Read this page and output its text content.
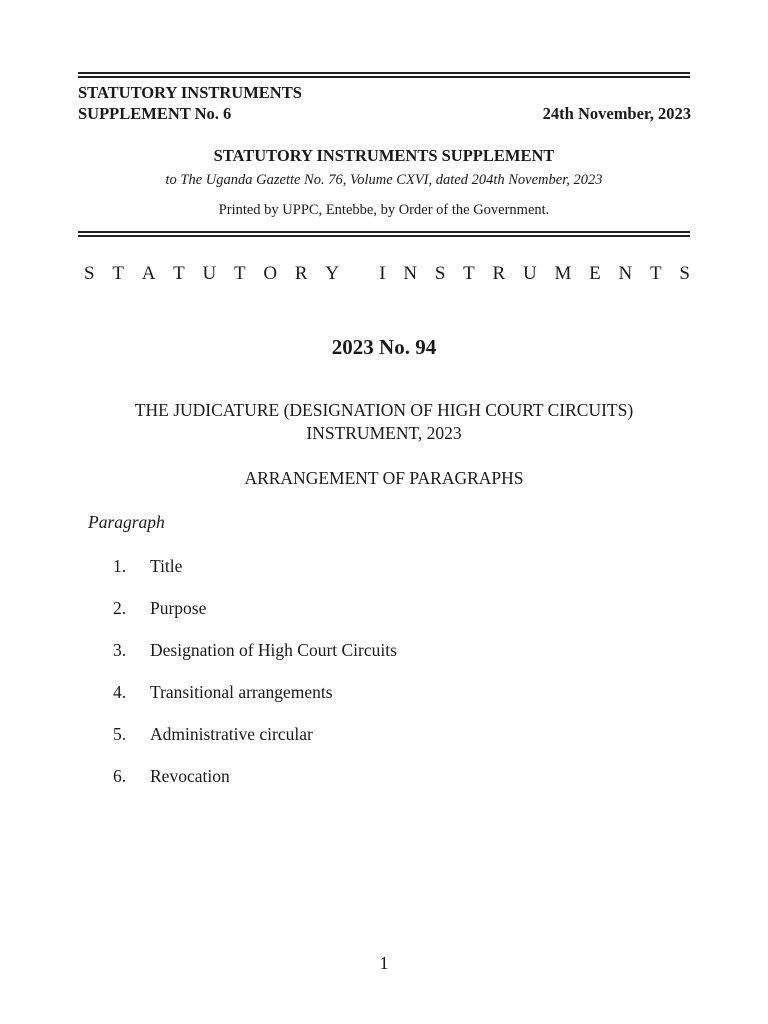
STATUTORY INSTRUMENTS
SUPPLEMENT No. 6	24th November, 2023
STATUTORY INSTRUMENTS SUPPLEMENT
to The Uganda Gazette No. 76, Volume CXVI, dated 204th November, 2023
Printed by UPPC, Entebbe, by Order of the Government.
S T A T U T O R Y
I N S T R U M E N T S
2023 No. 94
THE JUDICATURE (DESIGNATION OF HIGH COURT CIRCUITS)
INSTRUMENT, 2023
ARRANGEMENT OF PARAGRAPHS
Paragraph
1.	Title
2.	Purpose
3.	Designation of High Court Circuits
4.	Transitional arrangements
5.	Administrative circular
6.	Revocation
1
